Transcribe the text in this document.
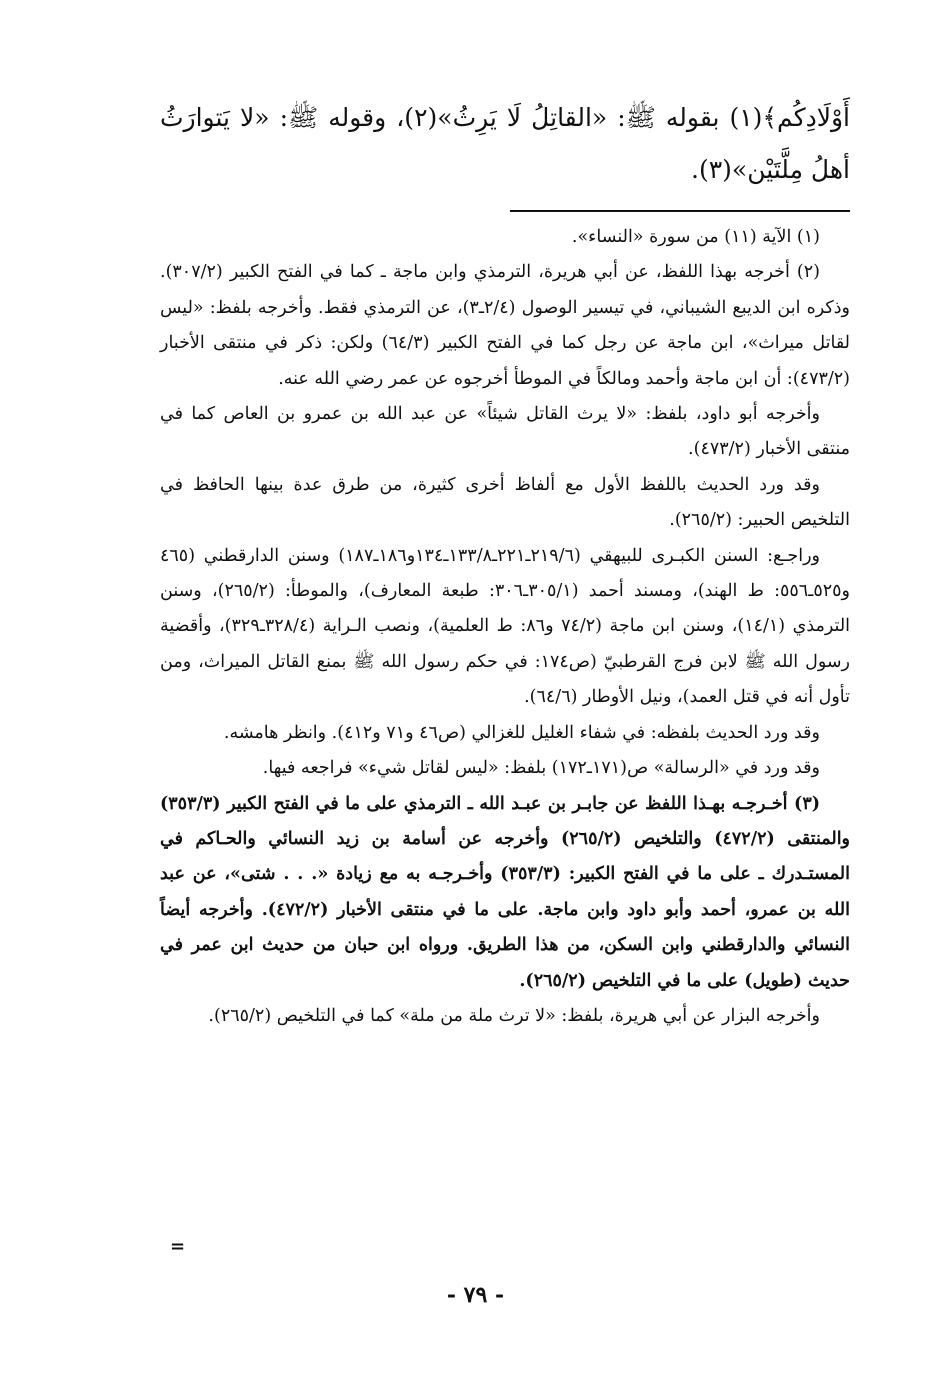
أَوْلَادِكُم﴾(١) بقوله ﷺ: «القاتِلُ لَا يَرِثُ»(٢)، وقوله ﷺ: «لا يَتوارَثُ أهلُ مِلَّتَيْن»(٣).

(١) الآية (١١) من سورة «النساء».

(٢) أخرجه بهذا اللفظ، عن أبي هريرة، الترمذي وابن ماجة ـ كما في الفتح الكبير (٣٠٧/٢). وذكره ابن الديبع الشيباني، في تيسير الوصول (٢/٤ـ٣)، عن الترمذي فقط. وأخرجه بلفظ: «ليس لقاتل ميراث»، ابن ماجة عن رجل كما في الفتح الكبير (٦٤/٣) ولكن: ذكر في منتقى الأخبار (٤٧٣/٢): أن ابن ماجة وأحمد ومالكاً في الموطأ أخرجوه عن عمر رضي الله عنه.

وأخرجه أبو داود، بلفظ: «لا يرث القاتل شيئاً» عن عبد الله بن عمرو بن العاص كما في منتقى الأخبار (٤٧٣/٢).

وقد ورد الحديث باللفظ الأول مع ألفاظ أخرى كثيرة، من طرق عدة بينها الحافظ في التلخيص الحبير: (٢٦٥/٢).

وراجـع: السنن الكبـرى للبيهقي (٢١٩/٦ـ٢٢١ـ١٣٣/٨ـ١٣٤و١٨٦ـ١٨٧) وسنن الدارقطني (٤٦٥ و٥٢٥ـ٥٥٦: ط الهند)، ومسند أحمد (٣٠٥/١ـ٣٠٦: طبعة المعارف)، والموطأ: (٢٦٥/٢)، وسنن الترمذي (١٤/١)، وسنن ابن ماجة (٧٤/٢ و٨٦: ط العلمية)، ونصب الـراية (٣٢٨/٤ـ٣٢٩)، وأقضية رسول الله ﷺ لابن فرج القرطبيّ (ص١٧٤: في حكم رسول الله ﷺ بمنع القاتل الميراث، ومن تأول أنه في قتل العمد)، ونيل الأوطار (٦٤/٦).

وقد ورد الحديث بلفظه: في شفاء الغليل للغزالي (ص٤٦ و٧١ و٤١٢). وانظر هامشه.

وقد ورد في «الرسالة» ص(١٧١ـ١٧٢) بلفظ: «ليس لقاتل شيء» فراجعه فيها.

(٣) أخـرجـه بهـذا اللفظ عن جابـر بن عبـد الله ـ الترمذي على ما في الفتح الكبير (٣٥٣/٣) والمنتقى (٤٧٢/٢) والتلخيص (٢٦٥/٢) وأخرجه عن أسامة بن زيد النسائي والحـاكم في المستـدرك ـ على ما في الفتح الكبير: (٣٥٣/٣) وأخـرجـه به مع زيادة «. . . شتى»، عن عبد الله بن عمرو، أحمد وأبو داود وابن ماجة. على ما في منتقى الأخبار (٤٧٢/٢). وأخرجه أيضاً النسائي والدارقطني وابن السكن، من هذا الطريق. ورواه ابن حبان من حديث ابن عمر في حديث (طويل) على ما في التلخيص (٢٦٥/٢).

وأخرجه البزار عن أبي هريرة، بلفظ: «لا ترث ملة من ملة» كما في التلخيص (٢٦٥/٢).

=
- ٧٩ -
